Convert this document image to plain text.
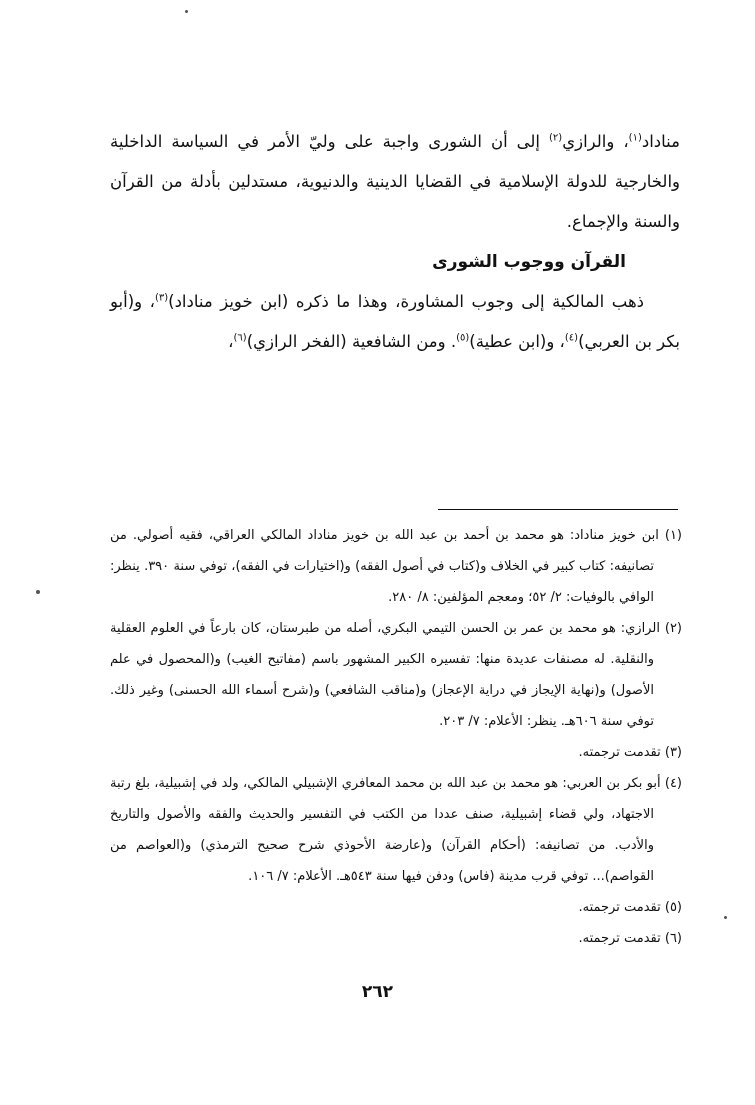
مناداد$^{(١)}$، والرازي$^{(٢)}$ إلى أن الشورى واجبة على وليّ الأمر في السياسة الداخلية والخارجية للدولة الإسلامية في القضايا الدينية والدنيوية، مستدلين بأدلة من القرآن والسنة والإجماع.

القرآن ووجوب الشورى

ذهب المالكية إلى وجوب المشاورة، وهذا ما ذكره (ابن خويز مناداد)$^{(٣)}$، و(أبو بكر بن العربي)$^{(٤)}$، و(ابن عطية)$^{(٥)}$. ومن الشافعية (الفخر الرازي)$^{(٦)}$،

(١) ابن خويز مناداد: هو محمد بن أحمد بن عبد الله بن خويز مناداد المالكي العراقي، فقيه أصولي. من تصانيفه: كتاب كبير في الخلاف و(كتاب في أصول الفقه) و(اختيارات في الفقه)، توفي سنة ٣٩٠. ينظر: الوافي بالوفيات: ٢/ ٥٢؛ ومعجم المؤلفين: ٨/ ٢٨٠.

(٢) الرازي: هو محمد بن عمر بن الحسن التيمي البكري، أصله من طبرستان، كان بارعاً في العلوم العقلية والنقلية. له مصنفات عديدة منها: تفسيره الكبير المشهور باسم (مفاتيح الغيب) و(المحصول في علم الأصول) و(نهاية الإيجاز في دراية الإعجاز) و(مناقب الشافعي) و(شرح أسماء الله الحسنى) وغير ذلك. توفي سنة ٦٠٦هـ. ينظر: الأعلام: ٧/ ٢٠٣.

(٣) تقدمت ترجمته.

(٤) أبو بكر بن العربي: هو محمد بن عبد الله بن محمد المعافري الإشبيلي المالكي، ولد في إشبيلية، بلغ رتبة الاجتهاد، ولي قضاء إشبيلية، صنف عددا من الكتب في التفسير والحديث والفقه والأصول والتاريخ والأدب. من تصانيفه: (أحكام القرآن) و(عارضة الأحوذي شرح صحيح الترمذي) و(العواصم من القواصم)... توفي قرب مدينة (فاس) ودفن فيها سنة ٥٤٣هـ. الأعلام: ٧/ ١٠٦.

(٥) تقدمت ترجمته.

(٦) تقدمت ترجمته.

٢٦٢
